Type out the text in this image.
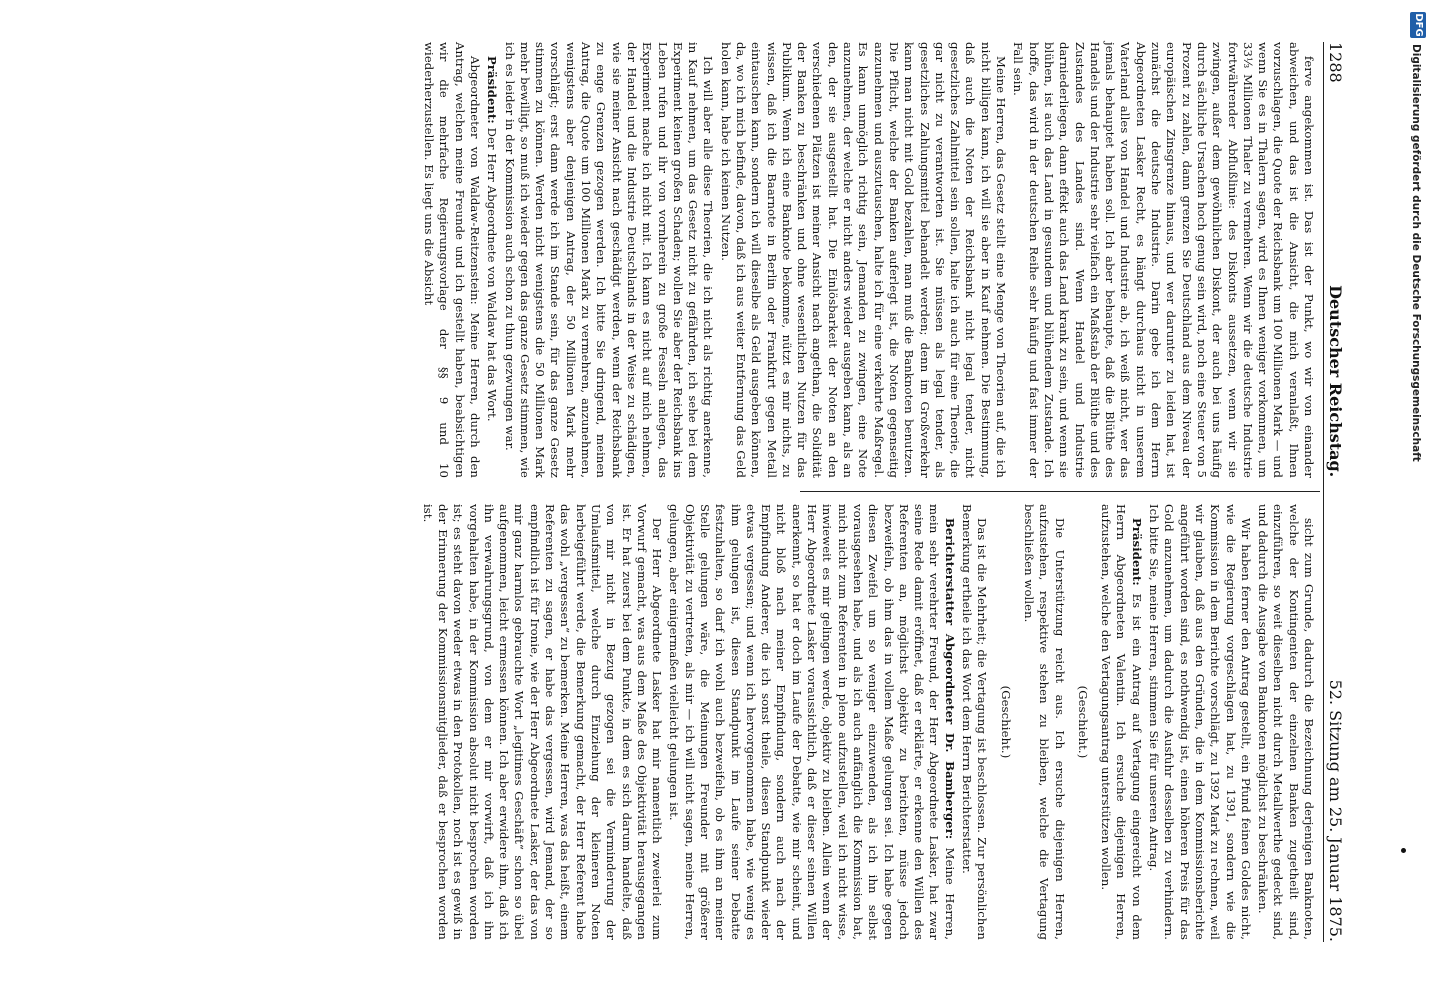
1288
Deutscher Reichstag.
52. Sitzung am 25. Januar 1875.

ferve angekommen ist. Das ist der Punkt, wo wir von einander abweichen, und das ist die Ansicht, die mich veranlaßt, Ihnen vorzuschlagen, die Quote der Reichsbank um 100 Millionen Mark — und wenn Sie es in Thalern sagen, wird es Ihnen weniger vorkommen, um 33⅓ Millionen Thaler zu vermehren. Wenn wir die deutsche Industrie fortwährender Abflußlinie: des Diskonts aussetzen, wenn wir sie zwingen, außer dem gewöhnlichen Diskont, der auch bei uns häufig durch sächliche Ursachen hoch genug sein wird, noch eine Steuer von 5 Prozent zu zahlen, dann grenzen Sie Deutschland aus dem Niveau der europäischen Zinsgrenze hinaus, und wer darunter zu leiden hat, ist zunächst die deutsche Industrie. Darin gebe ich dem Herrn Abgeordneten Lasker Recht, es hängt durchaus nicht in unserem Vaterland alles von Handel und Industrie ab, ich weiß nicht, wer das jemals behauptet haben soll. Ich aber behaupte, daß die Blüthe des Handels und der Industrie sehr vielfach ein Maßstab der Blüthe und des Zustandes des Landes sind. Wenn Handel und Industrie darniederliegen, dann effekt auch das Land krank zu sein, und wenn sie blühen, ist auch das Land in gesundem und blühendem Zustande. Ich hoffe, das wird in der deutschen Reihe sehr häufig und fast immer der Fall sein.

Meine Herren, das Gesetz stellt eine Menge von Theorien auf, die ich nicht billigen kann, ich will sie aber in Kauf nehmen. Die Bestimmung, daß auch die Noten der Reichsbank nicht legal tender, nicht gesetzliches Zahlmittel sein sollen, halte ich auch für eine Theorie, die gar nicht zu verantworten ist. Sie müssen als legal tender, als gesetzliches Zahlungsmittel behandelt werden; denn im Großverkehr kann man nicht mit Gold bezahlen, man muß die Banknoten benutzen. Die Pflicht, welche der Banken auferlegt ist, die Noten gegenseitig anzunehmen und auszutauschen, halte ich für eine verkehrte Maßregel. Es kann unmöglich richtig sein, Jemanden zu zwingen, eine Note anzunehmen, der welche er nicht anders wieder ausgeben kann, als an den, der sie ausgestellt hat. Die Einlösbarkeit der Noten an den verschiedenen Plätzen ist meiner Ansicht nach angethan, die Solidität der Banken zu beschränken und ohne wesentlichen Nutzen für das Publikum. Wenn ich eine Banknote bekomme, nützt es mir nichts, zu wissen, daß ich die Baarnote in Berlin oder Frankfurt gegen Metall eintauschen kann, sondern ich will dieselbe als Geld ausgeben können, da, wo ich mich befinde, davon, daß ich aus weiter Entfernung das Geld holen kann, habe ich keinen Nutzen.

Ich will aber alle diese Theorien, die ich nicht als richtig anerkenne, in Kauf nehmen, um das Gesetz nicht zu gefährden, ich sehe bei dem Experiment keinen großen Schaden; wollen Sie aber der Reichsbank ins Leben rufen und ihr von vornherein zu große Fesseln anlegen, das Experiment mache ich nicht mit. Ich kann es nicht auf mich nehmen, der Handel und die Industrie Deutschlands in der Weise zu schädigen, wie sie meiner Ansicht nach geschädigt werden, wenn der Reichsbank zu enge Grenzen gezogen werden. Ich bitte Sie dringend, meinen Antrag, die Quote um 100 Millionen Mark zu vermehren, anzunehmen, wenigstens aber denjenigen Antrag, der 50 Millionen Mark mehr vorschlägt; erst dann werde ich im Stande sein, für das ganze Gesetz stimmen zu können. Werden nicht wenigstens die 50 Millionen Mark mehr bewilligt, so muß ich wieder gegen das ganze Gesetz stimmen, wie ich es leider in der Kommission auch schon zu thun gezwungen war.

Präsident: Der Herr Abgeordnete von Waldaw hat das Wort.

Abgeordneter von Waldaw-Reitzenstein: Meine Herren, durch den Antrag, welchen meine Freunde und ich gestellt haben, beabsichtigen wir die mehrfache Regierungsvorlage der §§ 9 und 10 wiederherzustellen. Es liegt uns die Absicht

sicht zum Grunde, dadurch die Bezeichnung derjenigen Banknoten, welche der Kontingenten der einzelnen Banken zugetheilt sind, einzuführen, so weit dieselben nicht durch Metallwerthe gedeckt sind, und dadurch die Ausgabe von Banknoten möglichst zu beschränken.

Wir haben ferner den Antrag gestellt, ein Pfund feinen Goldes nicht, wie die Regierung vorgeschlagen hat, zu 1391, sondern wie die Kommission in dem Berichte vorschlägt, zu 1392 Mark zu rechnen, weil wir glauben, daß aus den Gründen, die in dem Kommissionsberichte angeführt worden sind, es nothwendig ist, einen höheren Preis für das Gold anzunehmen, um dadurch die Ausfuhr desselben zu verhindern. Ich bitte Sie, meine Herren, stimmen Sie für unseren Antrag.

Präsident: Es ist ein Antrag auf Vertagung eingereicht von dem Herrn Abgeordneten Valentin. Ich ersuche diejenigen Herren, aufzustehen, welche den Vertagungsantrag unterstützen wollen.

(Geschieht.)

Die Unterstützung reicht aus. Ich ersuche diejenigen Herren, aufzustehen, respektive stehen zu bleiben, welche die Vertagung beschließen wollen.

(Geschieht.)

Das ist die Mehrheit; die Vertagung ist beschlossen. Zur persönlichen Bemerkung ertheile ich das Wort dem Herrn Berichterstatter.

Berichterstatter Abgeordneter Dr. Bamberger: Meine Herren, mein sehr verehrter Freund, der Herr Abgeordnete Lasker, hat zwar seine Rede damit eröffnet, daß er erklärte, er erkenne den Willen des Referenten an, möglichst objektiv zu berichten, müsse jedoch bezweifeln, ob ihm das in vollem Maße gelungen sei. Ich habe gegen diesen Zweifel um so weniger einzuwenden, als ich ihn selbst vorausgesehen habe, und als ich auch anfänglich die Kommission bat, mich nicht zum Referenten in pleno aufzustellen, weil ich nicht wisse, inwieweit es mir gelingen werde, objektiv zu bleiben. Allein wenn der Herr Abgeordnete Lasker voraussichtlich, daß er dieser seinen Willen anerkennt, so hat er doch im Laufe der Debatte, wie mir scheint, und nicht bloß nach meiner Empfindung, sondern auch nach der Empfindung Anderer, die ich sonst theile, diesen Standpunkt wieder etwas vergessen; und wenn ich hervorgenommen habe, wie wenig es ihm gelungen ist, diesen Standpunkt im Laufe seiner Debatte festzuhalten, so darf ich wohl auch bezweifeln, ob es ihm an meiner Stelle gelungen wäre, die Meinungen Freunder mit größerer Objektivität zu vertreten, als mir — ich will nicht sagen, meine Herren, gelungen, aber einigermaßen vielleicht gelungen ist.

Der Herr Abgeordnete Lasker hat mir namentlich zweierlei zum Vorwurf gemacht, was aus dem Maße des Objektivität herausgegangen ist. Er hat zuerst bei dem Punkte, in dem es sich darum handelte, daß von mir nicht in Bezug gezogen sei die Verminderung der Umlaufsmittel, welche durch Einziehung der kleineren Noten herbeigeführt werde, die Bemerkung gemacht, der Herr Referent habe das wohl „vergessen“ zu bemerken. Meine Herren, was das heißt, einem Referenten zu sagen, er habe das vergessen, wird Jemand, der so empfindlich ist für Ironie, wie der Herr Abgeordnete Lasker, der das von mir ganz harmlos gebrauchte Wort „legitimes Geschäft“ schon so übel aufgenommen, leicht ermessen können. Ich aber erwidere ihm, daß ich ihn verwahrungsgrund, von dem er mir vorwirft, daß ich ihn vorgehalten habe, in der Kommission absolut nicht besprochen worden ist; es steht davon weder etwas in den Protokollen, noch ist es gewiß in der Erinnerung der Kommissionsmitglieder, daß er besprochen worden ist.

DFG
Digitalisierung gefördert durch die Deutsche Forschungsgemeinschaft
